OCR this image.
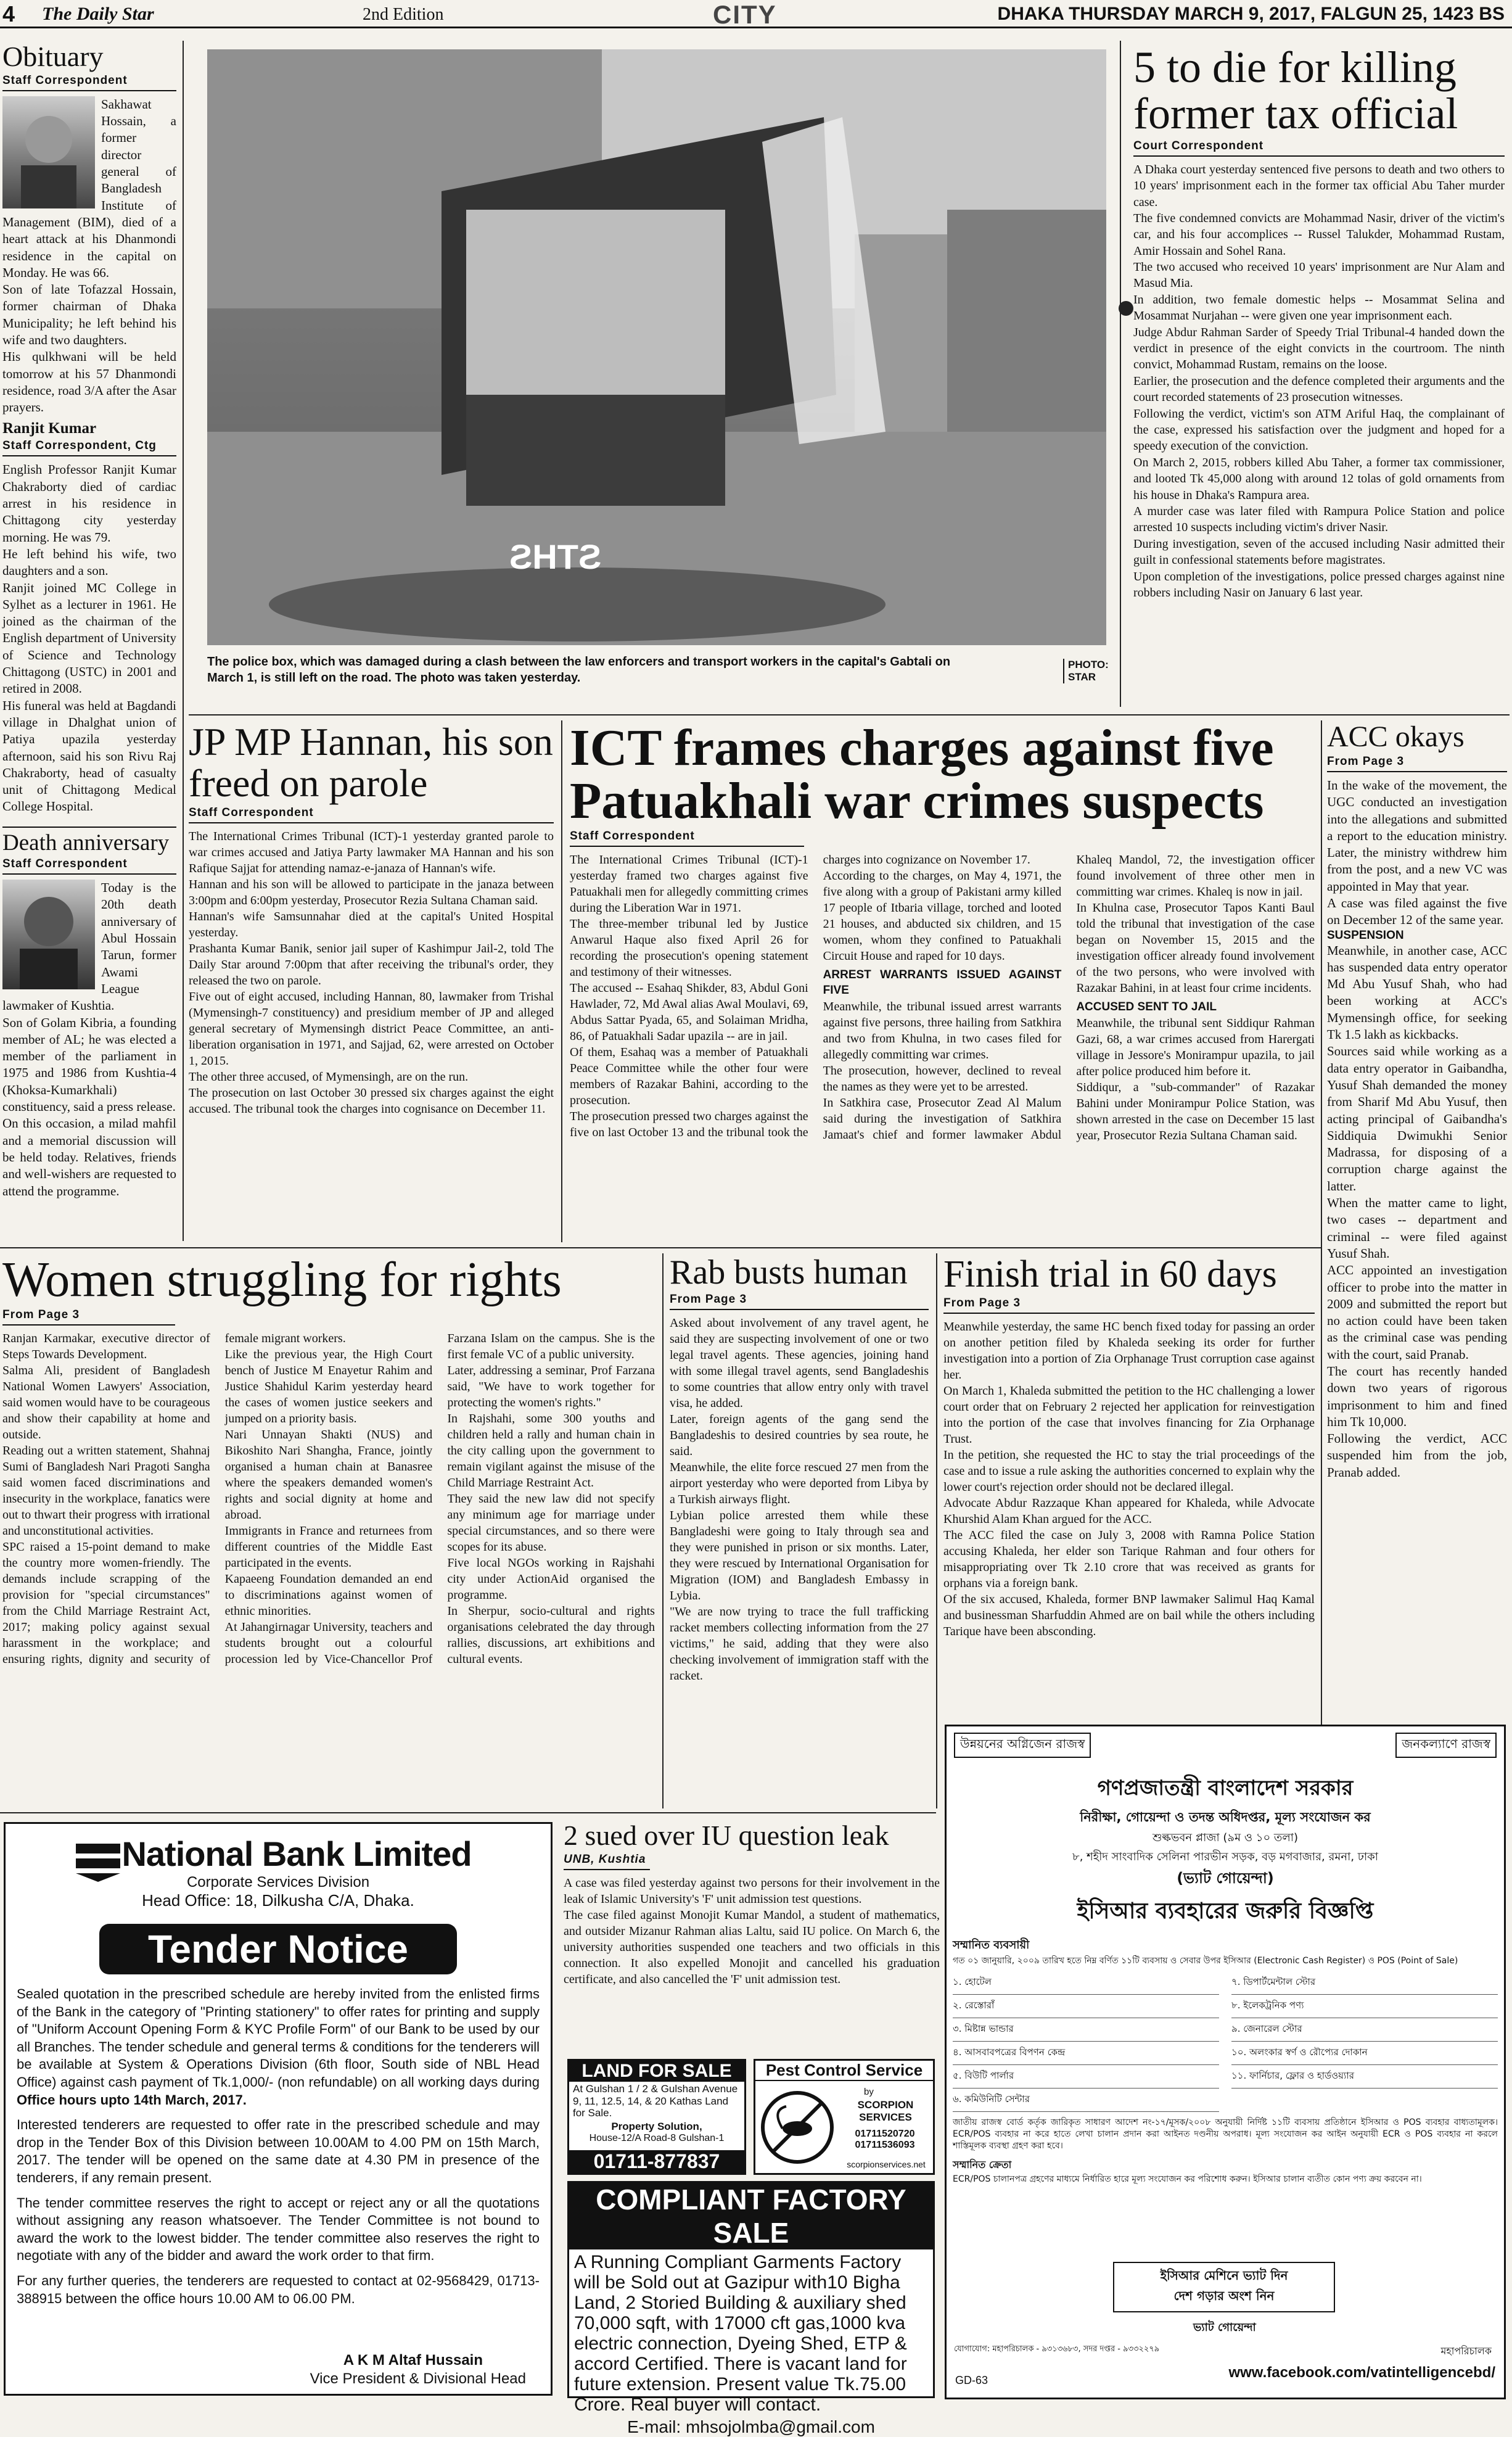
4 The Daily Star	2nd Edition	CITY	DHAKA THURSDAY MARCH 9, 2017, FALGUN 25, 1423 BS
Obituary
Staff Correspondent
Sakhawat Hossain, a former director general of Bangladesh Institute of Management (BIM), died of a heart attack at his Dhanmondi residence in the capital on Monday. He was 66.
Son of late Tofazzal Hossain, former chairman of Dhaka Municipality; he left behind his wife and two daughters.
His qulkhwani will be held tomorrow at his 57 Dhanmondi residence, road 3/A after the Asar prayers.
Ranjit Kumar
Staff Correspondent, Ctg
English Professor Ranjit Kumar Chakraborty died of cardiac arrest in his residence in Chittagong city yesterday morning. He was 79.
He left behind his wife, two daughters and a son.
Ranjit joined MC College in Sylhet as a lecturer in 1961. He joined as the chairman of the English department of University of Science and Technology Chittagong (USTC) in 2001 and retired in 2008.
His funeral was held at Bagdandi village in Dhalghat union of Patiya upazila yesterday afternoon, said his son Rivu Raj Chakraborty, head of casualty unit of Chittagong Medical College Hospital.
Death anniversary
Staff Correspondent
Today is the 20th death anniversary of Abul Hossain Tarun, former Awami League lawmaker of Kushtia.
Son of Golam Kibria, a founding member of AL; he was elected a member of the parliament in 1975 and 1986 from Kushtia-4 (Khoksa-Kumarkhali) constituency, said a press release.
On this occasion, a milad mahfil and a memorial discussion will be held today. Relatives, friends and well-wishers are requested to attend the programme.
STHS
The police box, which was damaged during a clash between the law enforcers and transport workers in the capital's Gabtali on March 1, is still left on the road. The photo was taken yesterday.
PHOTO: STAR
5 to die for killing former tax official
Court Correspondent
A Dhaka court yesterday sentenced five persons to death and two others to 10 years' imprisonment each in the former tax official Abu Taher murder case.
The five condemned convicts are Mohammad Nasir, driver of the victim's car, and his four accomplices -- Russel Talukder, Mohammad Rustam, Amir Hossain and Sohel Rana.
The two accused who received 10 years' imprisonment are Nur Alam and Masud Mia.
In addition, two female domestic helps -- Mosammat Selina and Mosammat Nurjahan -- were given one year imprisonment each.
Judge Abdur Rahman Sarder of Speedy Trial Tribunal-4 handed down the verdict in presence of the eight convicts in the courtroom. The ninth convict, Mohammad Rustam, remains on the loose.
Earlier, the prosecution and the defence completed their arguments and the court recorded statements of 23 prosecution witnesses.
Following the verdict, victim's son ATM Ariful Haq, the complainant of the case, expressed his satisfaction over the judgment and hoped for a speedy execution of the conviction.
On March 2, 2015, robbers killed Abu Taher, a former tax commissioner, and looted Tk 45,000 along with around 12 tolas of gold ornaments from his house in Dhaka's Rampura area.
A murder case was later filed with Rampura Police Station and police arrested 10 suspects including victim's driver Nasir.
During investigation, seven of the accused including Nasir admitted their guilt in confessional statements before magistrates.
Upon completion of the investigations, police pressed charges against nine robbers including Nasir on January 6 last year.
JP MP Hannan, his son freed on parole
Staff Correspondent
The International Crimes Tribunal (ICT)-1 yesterday granted parole to war crimes accused and Jatiya Party lawmaker MA Hannan and his son Rafique Sajjat for attending namaz-e-janaza of Hannan's wife.
Hannan and his son will be allowed to participate in the janaza between 3:00pm and 6:00pm yesterday, Prosecutor Rezia Sultana Chaman said.
Hannan's wife Samsunnahar died at the capital's United Hospital yesterday.
Prashanta Kumar Banik, senior jail super of Kashimpur Jail-2, told The Daily Star around 7:00pm that after receiving the tribunal's order, they released the two on parole.
Five out of eight accused, including Hannan, 80, lawmaker from Trishal (Mymensingh-7 constituency) and presidium member of JP and alleged general secretary of Mymensingh district Peace Committee, an anti-liberation organisation in 1971, and Sajjad, 62, were arrested on October 1, 2015.
The other three accused, of Mymensingh, are on the run.
The prosecution on last October 30 pressed six charges against the eight accused. The tribunal took the charges into cognisance on December 11.
ICT frames charges against five Patuakhali war crimes suspects
Staff Correspondent
The International Crimes Tribunal (ICT)-1 yesterday framed two charges against five Patuakhali men for allegedly committing crimes during the Liberation War in 1971.
The three-member tribunal led by Justice Anwarul Haque also fixed April 26 for recording the prosecution's opening statement and testimony of their witnesses.
The accused -- Esahaq Shikder, 83, Abdul Goni Hawlader, 72, Md Awal alias Awal Moulavi, 69, Abdus Sattar Pyada, 65, and Solaiman Mridha, 86, of Patuakhali Sadar upazila -- are in jail.
Of them, Esahaq was a member of Patuakhali Peace Committee while the other four were members of Razakar Bahini, according to the prosecution.
The prosecution pressed two charges against the five on last October 13 and the tribunal took the charges into cognizance on November 17.
According to the charges, on May 4, 1971, the five along with a group of Pakistani army killed 17 people of Itbaria village, torched and looted 21 houses, and abducted six children, and 15 women, whom they confined to Patuakhali Circuit House and raped for 10 days.
ARREST WARRANTS ISSUED AGAINST FIVE
Meanwhile, the tribunal issued arrest warrants against five persons, three hailing from Satkhira and two from Khulna, in two cases filed for allegedly committing war crimes.
The prosecution, however, declined to reveal the names as they were yet to be arrested.
In Satkhira case, Prosecutor Zead Al Malum said during the investigation of Satkhira Jamaat's chief and former lawmaker Abdul Khaleq Mandol, 72, the investigation officer found involvement of three other men in committing war crimes. Khaleq is now in jail.
In Khulna case, Prosecutor Tapos Kanti Baul told the tribunal that investigation of the case began on November 15, 2015 and the investigation officer already found involvement of the two persons, who were involved with Razakar Bahini, in at least four crime incidents.
ACCUSED SENT TO JAIL
Meanwhile, the tribunal sent Siddiqur Rahman Gazi, 68, a war crimes accused from Harergati village in Jessore's Monirampur upazila, to jail after police produced him before it.
Siddiqur, a "sub-commander" of Razakar Bahini under Monirampur Police Station, was shown arrested in the case on December 15 last year, Prosecutor Rezia Sultana Chaman said.
ACC okays
From Page 3
In the wake of the movement, the UGC conducted an investigation into the allegations and submitted a report to the education ministry. Later, the ministry withdrew him from the post, and a new VC was appointed in May that year.
A case was filed against the five on December 12 of the same year.
SUSPENSION
Meanwhile, in another case, ACC has suspended data entry operator Md Abu Yusuf Shah, who had been working at ACC's Mymensingh office, for seeking Tk 1.5 lakh as kickbacks.
Sources said while working as a data entry operator in Gaibandha, Yusuf Shah demanded the money from Sharif Md Abu Yusuf, then acting principal of Gaibandha's Siddiquia Dwimukhi Senior Madrassa, for disposing of a corruption charge against the latter.
When the matter came to light, two cases -- department and criminal -- were filed against Yusuf Shah.
ACC appointed an investigation officer to probe into the matter in 2009 and submitted the report but no action could have been taken as the criminal case was pending with the court, said Pranab.
The court has recently handed down two years of rigorous imprisonment to him and fined him Tk 10,000.
Following the verdict, ACC suspended him from the job, Pranab added.
Women struggling for rights
From Page 3
Ranjan Karmakar, executive director of Steps Towards Development.
Salma Ali, president of Bangladesh National Women Lawyers' Association, said women would have to be courageous and show their capability at home and outside.
Reading out a written statement, Shahnaj Sumi of Bangladesh Nari Pragoti Sangha said women faced discriminations and insecurity in the workplace, fanatics were out to thwart their progress with irrational and unconstitutional activities.
SPC raised a 15-point demand to make the country more women-friendly. The demands include scrapping of the provision for "special circumstances" from the Child Marriage Restraint Act, 2017; making policy against sexual harassment in the workplace; and ensuring rights, dignity and security of female migrant workers.
Like the previous year, the High Court bench of Justice M Enayetur Rahim and Justice Shahidul Karim yesterday heard the cases of women justice seekers and jumped on a priority basis.
Nari Unnayan Shakti (NUS) and Bikoshito Nari Shangha, France, jointly organised a human chain at Banasree where the speakers demanded women's rights and social dignity at home and abroad.
Immigrants in France and returnees from different countries of the Middle East participated in the events.
Kapaeeng Foundation demanded an end to discriminations against women of ethnic minorities.
At Jahangirnagar University, teachers and students brought out a colourful procession led by Vice-Chancellor Prof Farzana Islam on the campus. She is the first female VC of a public university.
Later, addressing a seminar, Prof Farzana said, "We have to work together for protecting the women's rights."
In Rajshahi, some 300 youths and children held a rally and human chain in the city calling upon the government to remain vigilant against the misuse of the Child Marriage Restraint Act.
They said the new law did not specify any minimum age for marriage under special circumstances, and so there were scopes for its abuse.
Five local NGOs working in Rajshahi city under ActionAid organised the programme.
In Sherpur, socio-cultural and rights organisations celebrated the day through rallies, discussions, art exhibitions and cultural events.
Rab busts human
From Page 3
Asked about involvement of any travel agent, he said they are suspecting involvement of one or two legal travel agents. These agencies, joining hand with some illegal travel agents, send Bangladeshis to some countries that allow entry only with travel visa, he added.
Later, foreign agents of the gang send the Bangladeshis to desired countries by sea route, he said.
Meanwhile, the elite force rescued 27 men from the airport yesterday who were deported from Libya by a Turkish airways flight.
Lybian police arrested them while these Bangladeshi were going to Italy through sea and they were punished in prison or six months. Later, they were rescued by International Organisation for Migration (IOM) and Bangladesh Embassy in Lybia.
"We are now trying to trace the full trafficking racket members collecting information from the 27 victims," he said, adding that they were also checking involvement of immigration staff with the racket.
Finish trial in 60 days
From Page 3
Meanwhile yesterday, the same HC bench fixed today for passing an order on another petition filed by Khaleda seeking its order for further investigation into a portion of Zia Orphanage Trust corruption case against her.
On March 1, Khaleda submitted the petition to the HC challenging a lower court order that on February 2 rejected her application for reinvestigation into the portion of the case that involves financing for Zia Orphanage Trust.
In the petition, she requested the HC to stay the trial proceedings of the case and to issue a rule asking the authorities concerned to explain why the lower court's rejection order should not be declared illegal.
Advocate Abdur Razzaque Khan appeared for Khaleda, while Advocate Khurshid Alam Khan argued for the ACC.
The ACC filed the case on July 3, 2008 with Ramna Police Station accusing Khaleda, her elder son Tarique Rahman and four others for misappropriating over Tk 2.10 crore that was received as grants for orphans via a foreign bank.
Of the six accused, Khaleda, former BNP lawmaker Salimul Haq Kamal and businessman Sharfuddin Ahmed are on bail while the others including Tarique have been absconding.
National Bank Limited
Corporate Services Division
Head Office: 18, Dilkusha C/A, Dhaka.
Tender Notice

Sealed quotation in the prescribed schedule are hereby invited from the enlisted firms of the Bank in the category of "Printing stationery" to offer rates for printing and supply of "Uniform Account Opening Form & KYC Profile Form" of our Bank to be used by our all Branches. The tender schedule and general terms & conditions for the tenderers will be available at System & Operations Division (6th floor, South side of NBL Head Office) against cash payment of Tk.1,000/- (non refundable) on all working days during Office hours upto 14th March, 2017.

Interested tenderers are requested to offer rate in the prescribed schedule and may drop in the Tender Box of this Division between 10.00AM to 4.00 PM on 15th March, 2017. The tender will be opened on the same date at 4.30 PM in presence of the tenderers, if any remain present.

The tender committee reserves the right to accept or reject any or all the quotations without assigning any reason whatsoever. The Tender Committee is not bound to award the work to the lowest bidder. The tender committee also reserves the right to negotiate with any of the bidder and award the work order to that firm.

For any further queries, the tenderers are requested to contact at 02-9568429, 01713-388915 between the office hours 10.00 AM to 06.00 PM.

A K M Altaf Hussain
Vice President & Divisional Head
2 sued over IU question leak
UNB, Kushtia
A case was filed yesterday against two persons for their involvement in the leak of Islamic University's 'F' unit admission test questions.
The case filed against Monojit Kumar Mandol, a student of mathematics, and outsider Mizanur Rahman alias Laltu, said IU police. On March 6, the university authorities suspended one teachers and two officials in this connection. It also expelled Monojit and cancelled his graduation certificate, and also cancelled the 'F' unit admission test.
LAND FOR SALE
At Gulshan 1 / 2 & Gulshan Avenue 9, 11, 12.5, 14, & 20 Kathas Land for Sale.
Property Solution,
House-12/A Road-8 Gulshan-1
01711-877837
Pest Control Service
by
SCORPION SERVICES
01711520720 01711536093
scorpionservices.net
COMPLIANT FACTORY SALE
A Running Compliant Garments Factory will be Sold out at Gazipur with10 Bigha Land, 2 Storied Building & auxiliary shed 70,000 sqft, with 17000 cft gas,1000 kva electric connection, Dyeing Shed, ETP & accord Certified. There is vacant land for future extension. Present value Tk.75.00 Crore. Real buyer will contact.
E-mail: mhsojolmba@gmail.com
উন্নয়নের অগ্নিজেন রাজস্ব	জনকল্যাণে রাজস্ব
গণপ্রজাতন্ত্রী বাংলাদেশ সরকার
নিরীক্ষা, গোয়েন্দা ও তদন্ত অধিদপ্তর, মূল্য সংযোজন কর
শুল্কভবন প্লাজা (৯ম ও ১০ তলা)
৮, শহীদ সাংবাদিক সেলিনা পারভীন সড়ক, বড় মগবাজার, রমনা, ঢাকা
(ভ্যাট গোয়েন্দা)
ইসিআর ব্যবহারের জরুরি বিজ্ঞপ্তি
সম্মানিত ব্যবসায়ী
গত ০১ জানুয়ারি, ২০০৯ তারিখ হতে নিম্ন বর্ণিত ১১টি ব্যবসায় ও সেবার উপর ইসিআর (Electronic Cash Register) ও POS (Point of Sale)
১. হোটেল
২. রেস্তোরাঁ
৩. মিষ্টান্ন ভান্ডার
৪. আসবাবপত্রের বিপণন কেন্দ্র
৫. বিউটি পার্লার
৬. কমিউনিটি সেন্টার
৭. ডিপার্টমেন্টাল স্টোর
৮. ইলেকট্রনিক পণ্য
৯. জেনারেল স্টোর
১০. অলংকার স্বর্ণ ও রৌপ্যের দোকান
১১. ফার্নিচার, ফ্লোর ও হার্ডওয়্যার
জাতীয় রাজস্ব বোর্ড কর্তৃক জারিকৃত সাধারণ আদেশ নং-১৭/মূসক/২০০৮ অনুযায়ী নির্দিষ্ট ১১টি ব্যবসায় প্রতিষ্ঠানে ইসিআর ও POS ব্যবহার বাধ্যতামূলক। ECR/POS ব্যবহার না করে হাতে লেখা চালান প্রদান করা আইনত দণ্ডনীয় অপরাধ। মূল্য সংযোজন কর আইন অনুযায়ী ECR ও POS ব্যবহার না করলে শাস্তিমূলক ব্যবস্থা গ্রহণ করা হবে।
সম্মানিত ক্রেতা
ECR/POS চালানপত্র গ্রহণের মাধ্যমে নির্ধারিত হারে মূল্য সংযোজন কর পরিশোধ করুন। ইসিআর চালান ব্যতীত কোন পণ্য ক্রয় করবেন না।
ইসিআর মেশিনে ভ্যাট দিন
দেশ গড়ার অংশ নিন
ভ্যাট গোয়েন্দা
যোগাযোগ: মহাপরিচালক - ৯৩১৩৬৮৩, সদর দপ্তর - ৯৩৩২২৭৯	মহাপরিচালক
www.facebook.com/vatintelligencebd/
GD-63
